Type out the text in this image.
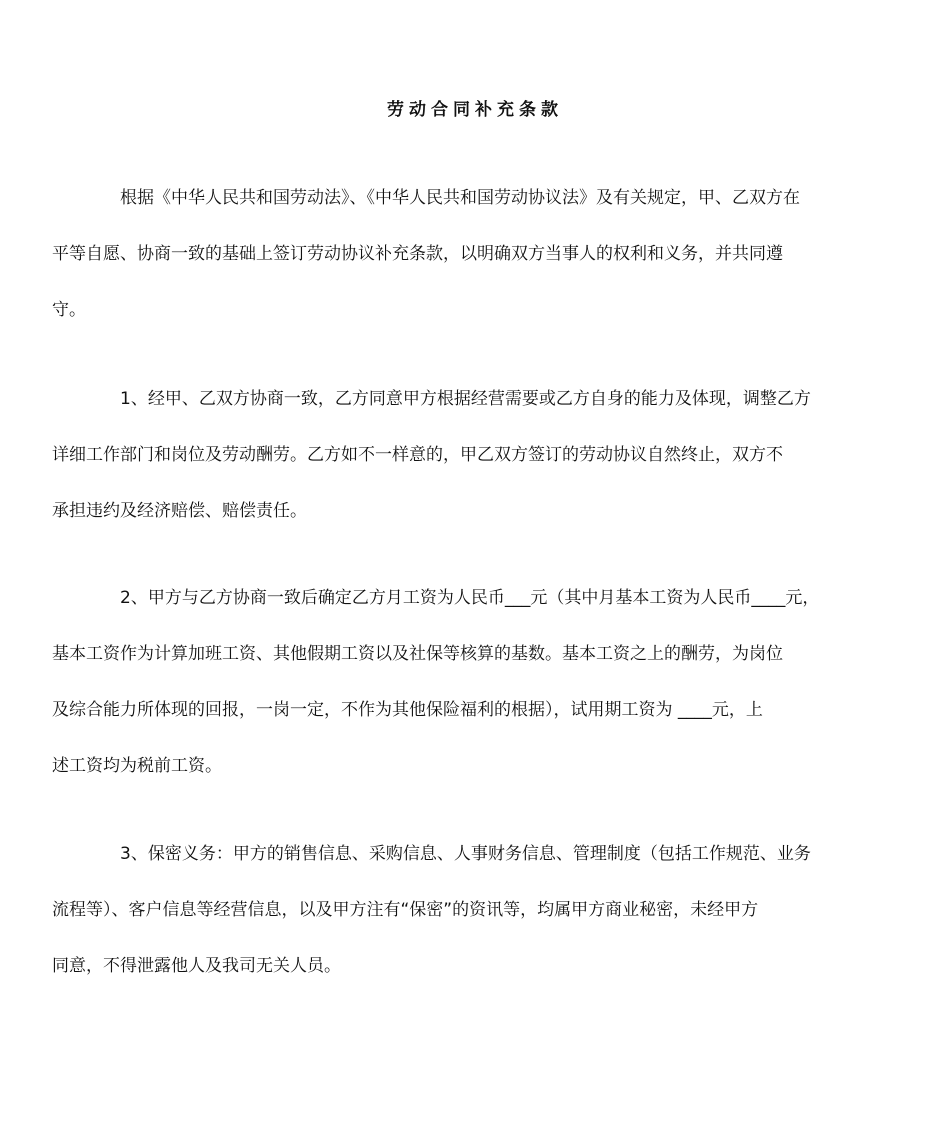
劳动合同补充条款

根据《中华人民共和国劳动法》、《中华人民共和国劳动协议法》及有关规定，甲、乙双方在
平等自愿、协商一致的基础上签订劳动协议补充条款，以明确双方当事人的权利和义务，并共同遵
守。

1、经甲、乙双方协商一致，乙方同意甲方根据经营需要或乙方自身的能力及体现，调整乙方
详细工作部门和岗位及劳动酬劳。乙方如不一样意的，甲乙双方签订的劳动协议自然终止，双方不
承担违约及经济赔偿、赔偿责任。

2、甲方与乙方协商一致后确定乙方月工资为人民币___元（其中月基本工资为人民币____元，
基本工资作为计算加班工资、其他假期工资以及社保等核算的基数。基本工资之上的酬劳，为岗位
及综合能力所体现的回报，一岗一定，不作为其他保险福利的根据），试用期工资为 ____元，上
述工资均为税前工资。

3、保密义务：甲方的销售信息、采购信息、人事财务信息、管理制度（包括工作规范、业务
流程等）、客户信息等经营信息，以及甲方注有“保密”的资讯等，均属甲方商业秘密，未经甲方
同意，不得泄露他人及我司无关人员。
